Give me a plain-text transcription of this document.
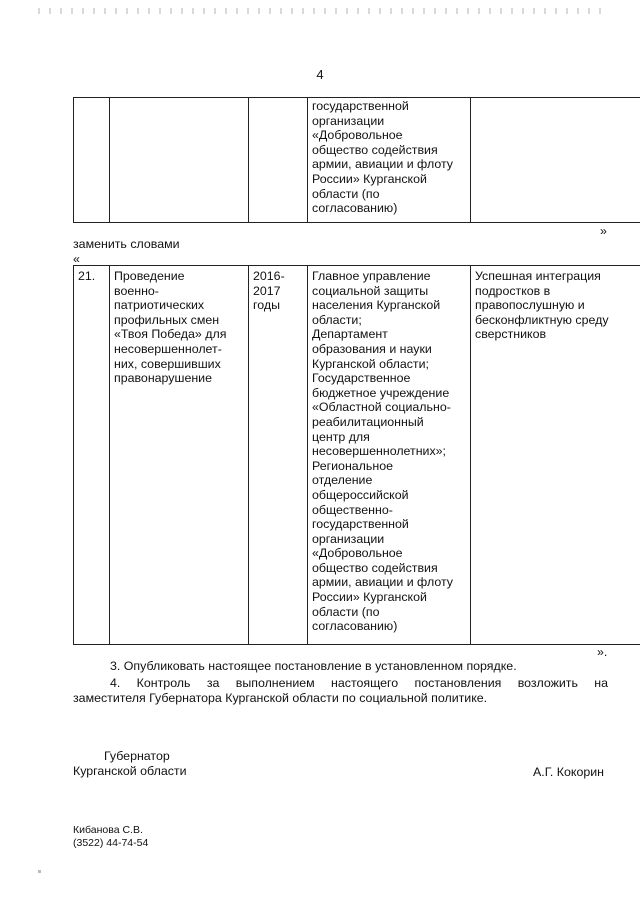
4
			государственной
организации
«Добровольное
общество содействия
армии, авиации и флоту
России» Курганской
области (по
согласованию)	
»
заменить словами
«
21.	Проведение
военно-
патриотических
профильных смен
«Твоя Победа» для
несовершеннолет-
них, совершивших
правонарушение	2016-
2017
годы	Главное управление
социальной защиты
населения Курганской
области;
Департамент
образования и науки
Курганской области;
Государственное
бюджетное учреждение
«Областной социально-
реабилитационный
центр для
несовершеннолетних»;
Региональное
отделение
общероссийской
общественно-
государственной
организации
«Добровольное
общество содействия
армии, авиации и флоту
России» Курганской
области (по
согласованию)	Успешная интеграция
подростков в
правопослушную и
бесконфликтную среду
сверстников
».
3. Опубликовать настоящее постановление в установленном порядке.
4. Контроль за выполнением настоящего постановления возложить на
заместителя Губернатора Курганской области по социальной политике.
Губернатор
Курганской области	А.Г. Кокорин
Кибанова С.В.
(3522) 44-74-54
